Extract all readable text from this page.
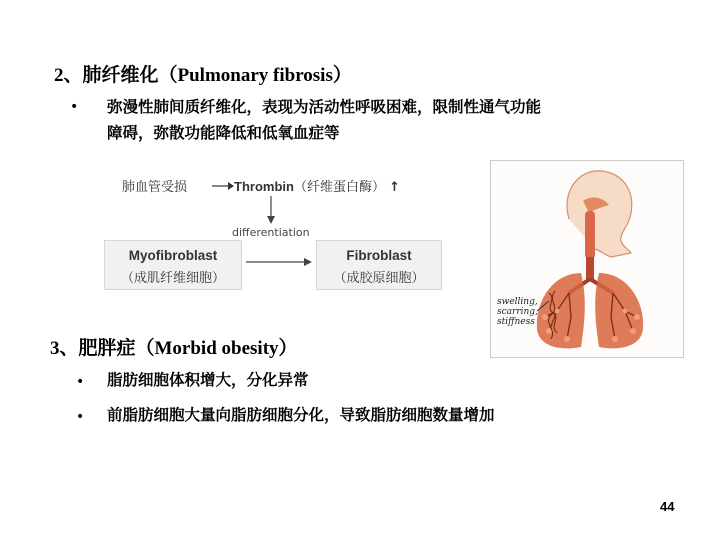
2、肺纤维化（Pulmonary fibrosis）
• 弥漫性肺间质纤维化，表现为活动性呼吸困难，限制性通气功能
障碍，弥散功能降低和低氧血症等
肺血管受损	Thrombin（纤维蛋白酶） ↑
differentiation
Myofibroblast
（成肌纤维细胞）
Fibroblast
（成胶原细胞）
swelling,
scarring,
stiffness
3、肥胖症（Morbid obesity）
• 脂肪细胞体积增大，分化异常
• 前脂肪细胞大量向脂肪细胞分化，导致脂肪细胞数量增加
44
